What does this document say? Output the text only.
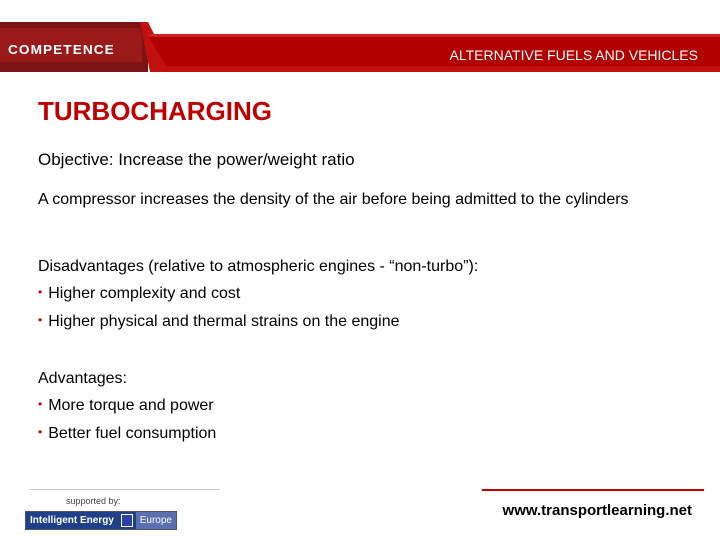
COMPETENCE	ALTERNATIVE FUELS AND VEHICLES
TURBOCHARGING
Objective: Increase the power/weight ratio
A compressor increases the density of the air before being admitted to the cylinders
Disadvantages (relative to atmospheric engines - “non-turbo”):
• Higher complexity and cost
• Higher physical and thermal strains on the engine
Advantages:
• More torque and power
• Better fuel consumption
supported by:
Intelligent Energy	Europe
www.transportlearning.net
